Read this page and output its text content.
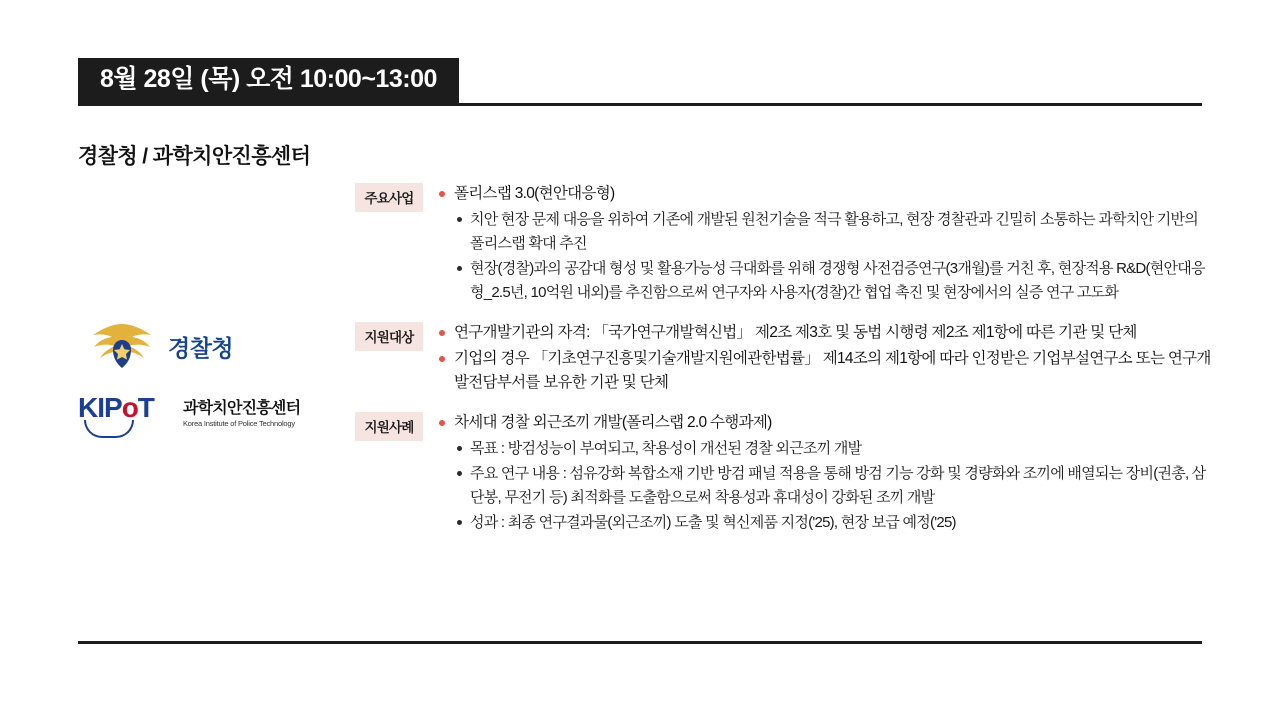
8월 28일 (목) 오전 10:00~13:00
경찰청 / 과학치안진흥센터
경찰청
KIPoT	과학치안진흥센터
Korea Institute of Police Technology
주요사업	폴리스랩 3.0(현안대응형)
치안 현장 문제 대응을 위하여 기존에 개발된 원천기술을 적극 활용하고, 현장 경찰관과 긴밀히 소통하는 과학치안 기반의 폴리스랩 확대 추진
현장(경찰)과의 공감대 형성 및 활용가능성 극대화를 위해 경쟁형 사전검증연구(3개월)를 거친 후, 현장적용 R&D(현안대응형_2.5년, 10억원 내외)를 추진함으로써 연구자와 사용자(경찰)간 협업 촉진 및 현장에서의 실증 연구 고도화
지원대상	연구개발기관의 자격: 「국가연구개발혁신법」 제2조 제3호 및 동법 시행령 제2조 제1항에 따른 기관 및 단체
기업의 경우 「기초연구진흥및기술개발지원에관한법률」 제14조의 제1항에 따라 인정받은 기업부설연구소 또는 연구개발전담부서를 보유한 기관 및 단체
지원사례	차세대 경찰 외근조끼 개발(폴리스랩 2.0 수행과제)
목표 : 방검성능이 부여되고, 착용성이 개선된 경찰 외근조끼 개발
주요 연구 내용 : 섬유강화 복합소재 기반 방검 패널 적용을 통해 방검 기능 강화 및 경량화와 조끼에 배열되는 장비(권총, 삼단봉, 무전기 등) 최적화를 도출함으로써 착용성과 휴대성이 강화된 조끼 개발
성과 : 최종 연구결과물(외근조끼) 도출 및 혁신제품 지정('25), 현장 보급 예정('25)
